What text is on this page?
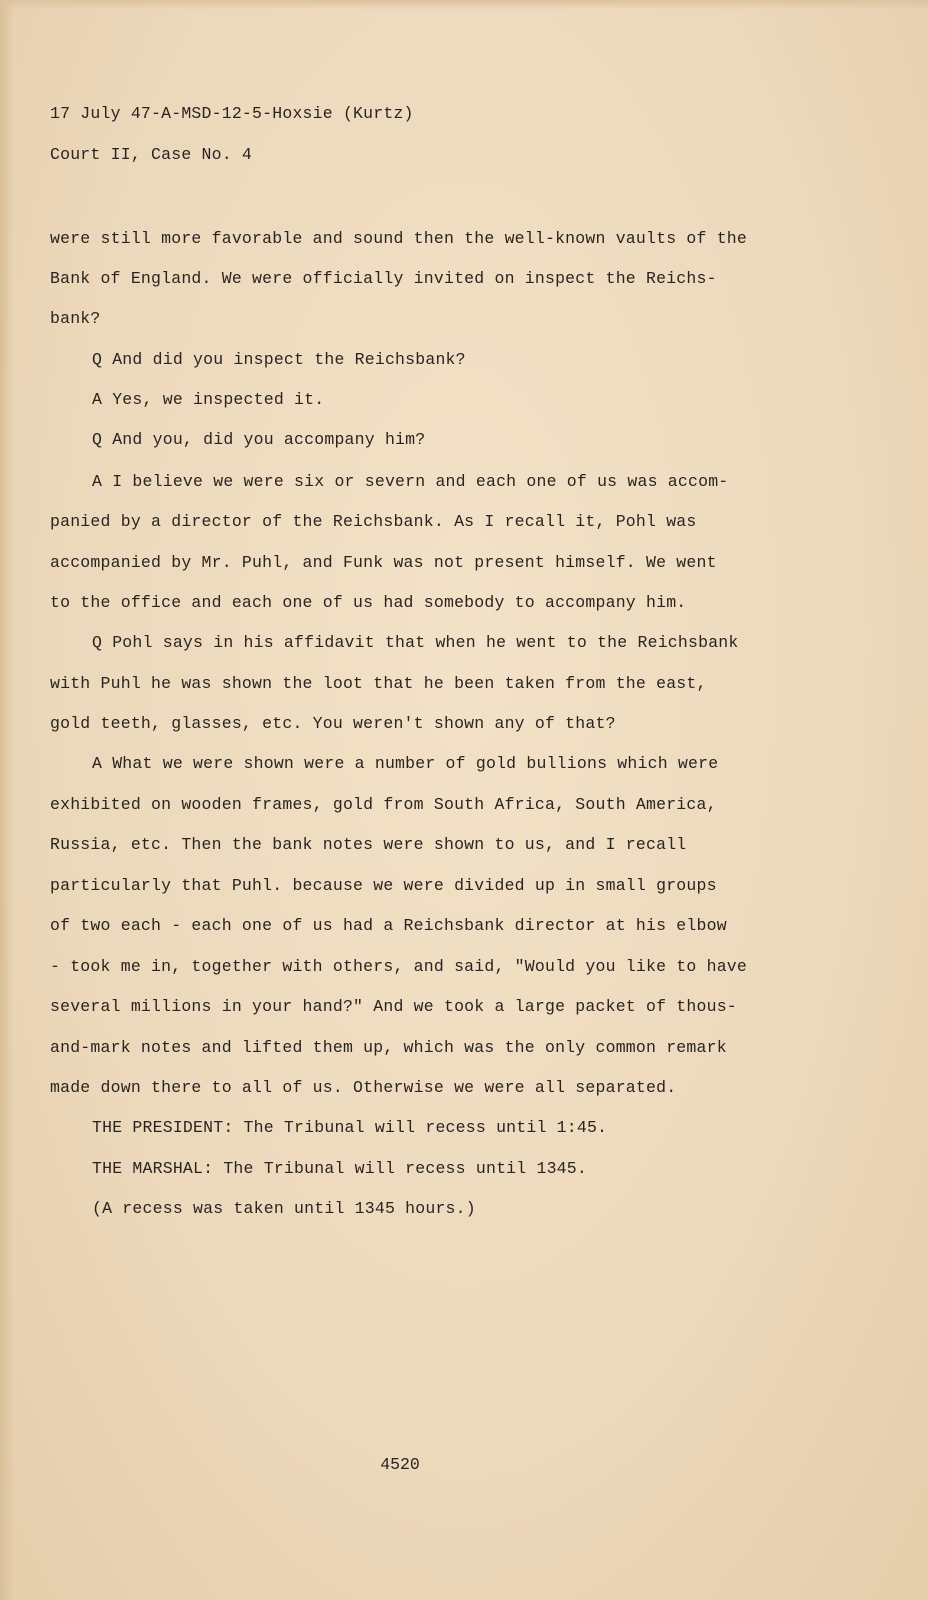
17 July 47-A-MSD-12-5-Hoxsie (Kurtz)
Court II, Case No. 4
were still more favorable and sound then the well-known vaults of the
Bank of England. We were officially invited on inspect the Reichs-
bank?
Q And did you inspect the Reichsbank?
A Yes, we inspected it.
Q And you, did you accompany him?
A I believe we were six or severn and each one of us was accom-
panied by a director of the Reichsbank. As I recall it, Pohl was
accompanied by Mr. Puhl, and Funk was not present himself. We went
to the office and each one of us had somebody to accompany him.
Q Pohl says in his affidavit that when he went to the Reichsbank
with Puhl he was shown the loot that he been taken from the east,
gold teeth, glasses, etc. You weren't shown any of that?
A What we were shown were a number of gold bullions which were
exhibited on wooden frames, gold from South Africa, South America,
Russia, etc. Then the bank notes were shown to us, and I recall
particularly that Puhl. because we were divided up in small groups
of two each - each one of us had a Reichsbank director at his elbow
- took me in, together with others, and said, "Would you like to have
several millions in your hand?" And we took a large packet of thous-
and-mark notes and lifted them up, which was the only common remark
made down there to all of us. Otherwise we were all separated.
THE PRESIDENT: The Tribunal will recess until 1:45.
THE MARSHAL: The Tribunal will recess until 1345.
(A recess was taken until 1345 hours.)
4520
